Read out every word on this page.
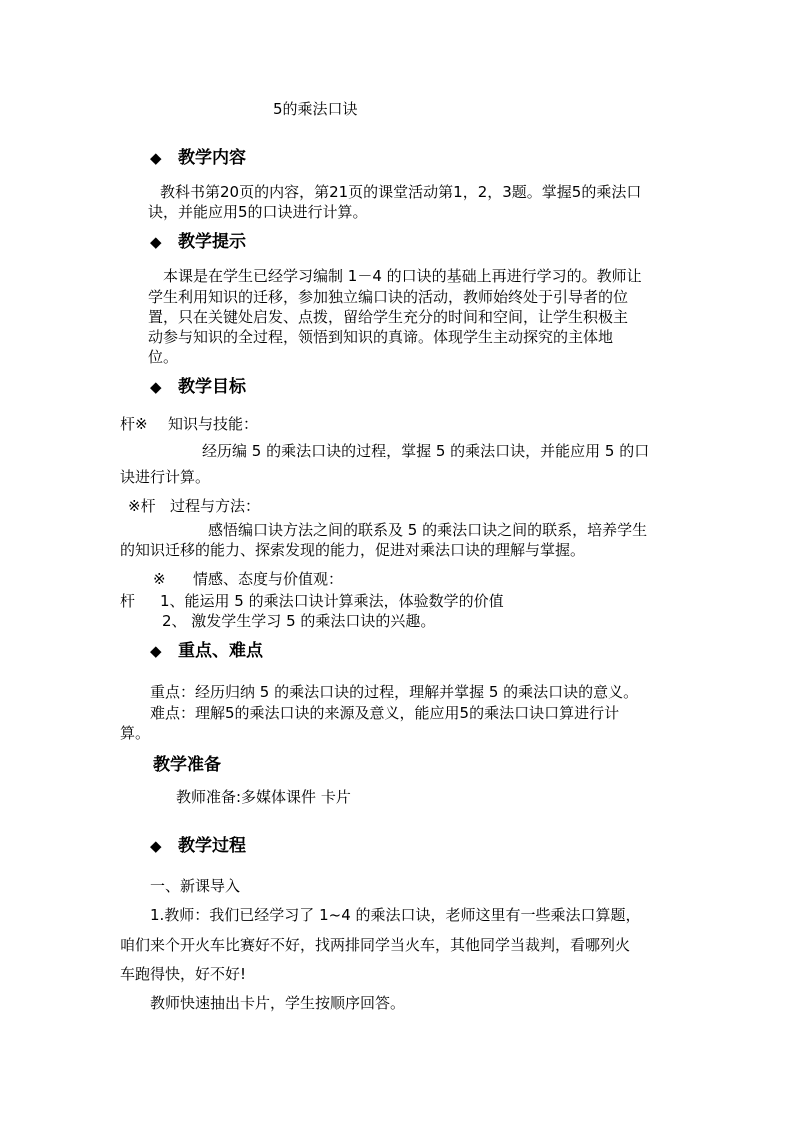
5的乘法口诀
◆ 教学内容
教科书第20页的内容，第21页的课堂活动第1，2，3题。掌握5的乘法口
诀，并能应用5的口诀进行计算。
◆ 教学提示
本课是在学生已经学习编制 1－4 的口诀的基础上再进行学习的。教师让
学生利用知识的迁移，参加独立编口诀的活动，教师始终处于引导者的位
置，只在关键处启发、点拨，留给学生充分的时间和空间，让学生积极主
动参与知识的全过程，领悟到知识的真谛。体现学生主动探究的主体地
位。
◆ 教学目标
杆※ 知识与技能：
经历编 5 的乘法口诀的过程，掌握 5 的乘法口诀，并能应用 5 的口
诀进行计算。
※杆 过程与方法：
感悟编口诀方法之间的联系及 5 的乘法口诀之间的联系，培养学生
的知识迁移的能力、探索发现的能力，促进对乘法口诀的理解与掌握。
※ 情感、态度与价值观：
杆 1、能运用 5 的乘法口诀计算乘法，体验数学的价值
2、 激发学生学习 5 的乘法口诀的兴趣。
◆ 重点、难点
重点：经历归纳 5 的乘法口诀的过程，理解并掌握 5 的乘法口诀的意义。
难点：理解5的乘法口诀的来源及意义，能应用5的乘法口诀口算进行计
算。
教学准备
教师准备:多媒体课件 卡片
◆ 教学过程
一、新课导入
1.教师：我们已经学习了 1~4 的乘法口诀，老师这里有一些乘法口算题，
咱们来个开火车比赛好不好，找两排同学当火车，其他同学当裁判，看哪列火
车跑得快，好不好!
教师快速抽出卡片，学生按顺序回答。
